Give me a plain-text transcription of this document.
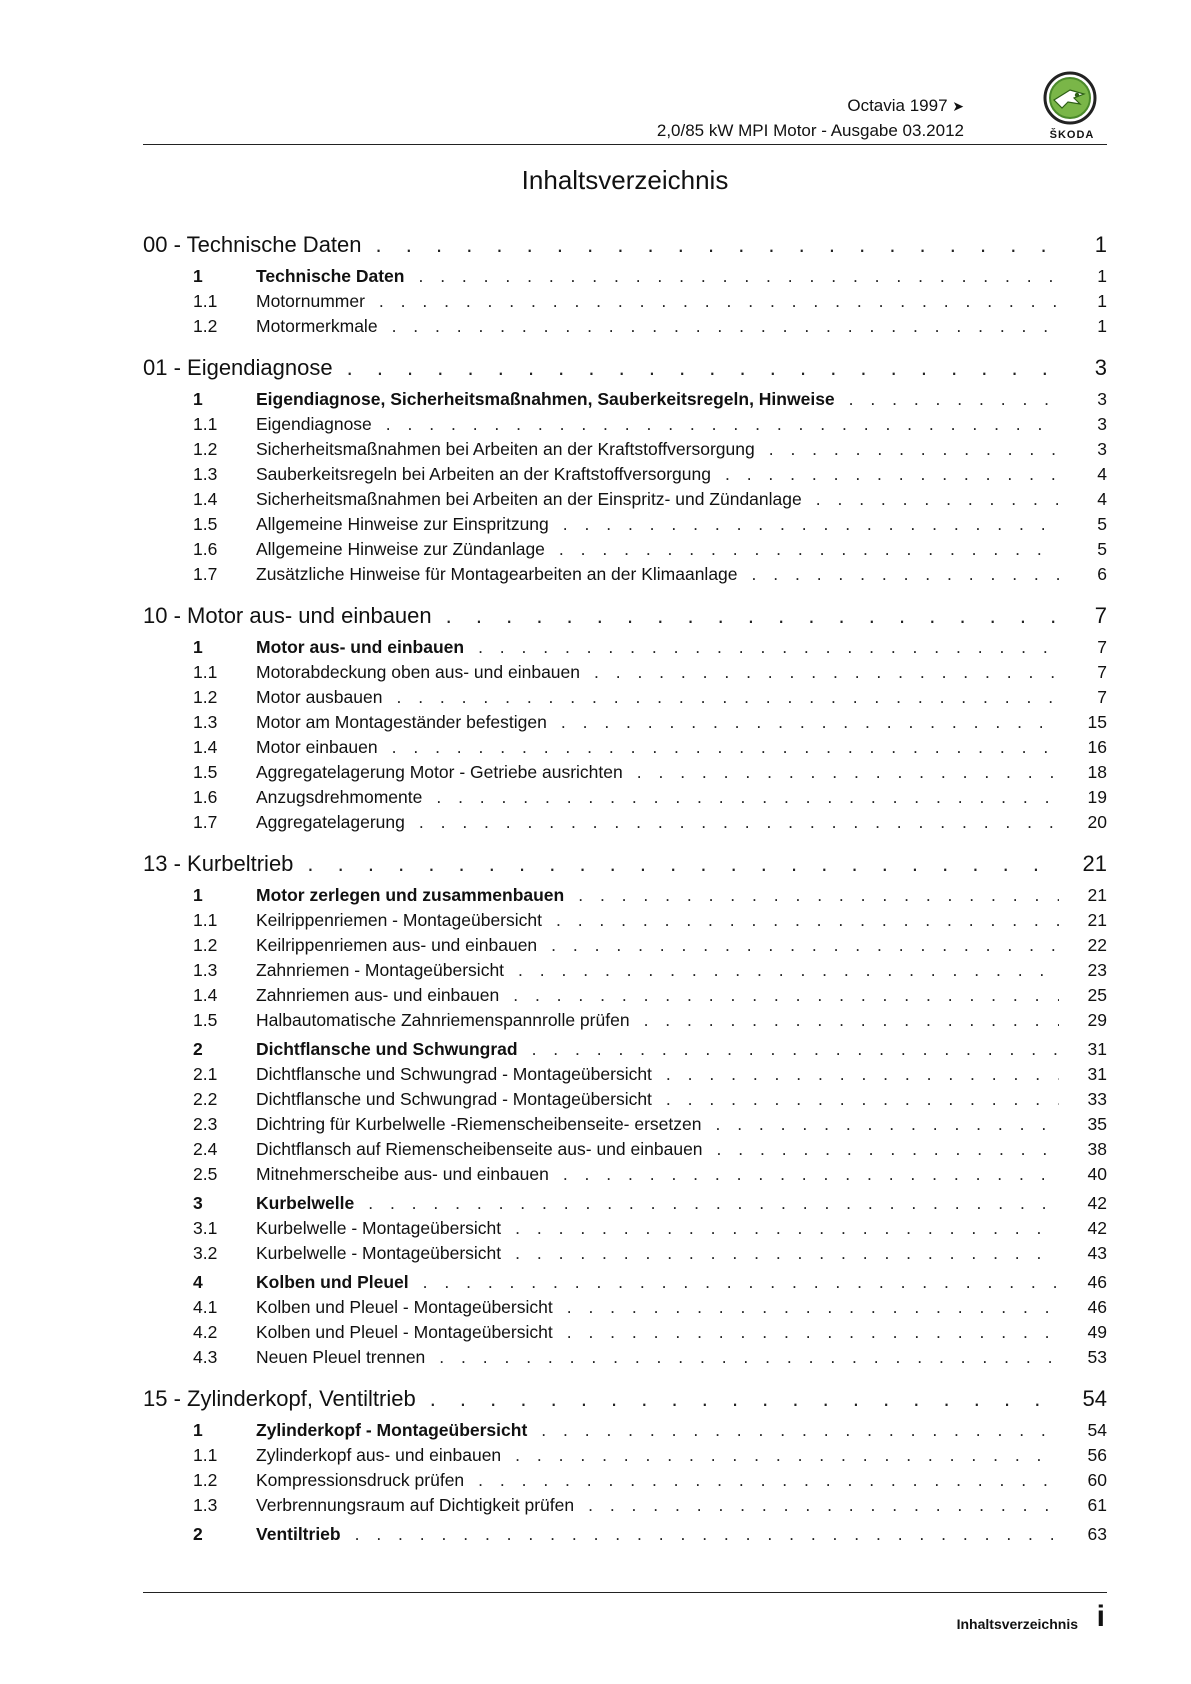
Octavia 1997 ➤
2,0/85 kW MPI Motor - Ausgabe 03.2012	ŠKODA
Inhaltsverzeichnis
00 - Technische Daten . . .	1
1	Technische Daten . . .	1
1.1	Motornummer . . .	1
1.2	Motormerkmale . . .	1
01 - Eigendiagnose . . .	3
1	Eigendiagnose, Sicherheitsmaßnahmen, Sauberkeitsregeln, Hinweise . . .	3
1.1	Eigendiagnose . . .	3
1.2	Sicherheitsmaßnahmen bei Arbeiten an der Kraftstoffversorgung . . .	3
1.3	Sauberkeitsregeln bei Arbeiten an der Kraftstoffversorgung . . .	4
1.4	Sicherheitsmaßnahmen bei Arbeiten an der Einspritz- und Zündanlage . . .	4
1.5	Allgemeine Hinweise zur Einspritzung . . .	5
1.6	Allgemeine Hinweise zur Zündanlage . . .	5
1.7	Zusätzliche Hinweise für Montagearbeiten an der Klimaanlage . . .	6
10 - Motor aus- und einbauen . . .	7
1	Motor aus- und einbauen . . .	7
1.1	Motorabdeckung oben aus- und einbauen . . .	7
1.2	Motor ausbauen . . .	7
1.3	Motor am Montageständer befestigen . . .	15
1.4	Motor einbauen . . .	16
1.5	Aggregatelagerung Motor - Getriebe ausrichten . . .	18
1.6	Anzugsdrehmomente . . .	19
1.7	Aggregatelagerung . . .	20
13 - Kurbeltrieb . . .	21
1	Motor zerlegen und zusammenbauen . . .	21
1.1	Keilrippenriemen - Montageübersicht . . .	21
1.2	Keilrippenriemen aus- und einbauen . . .	22
1.3	Zahnriemen - Montageübersicht . . .	23
1.4	Zahnriemen aus- und einbauen . . .	25
1.5	Halbautomatische Zahnriemenspannrolle prüfen . . .	29
2	Dichtflansche und Schwungrad . . .	31
2.1	Dichtflansche und Schwungrad - Montageübersicht . . .	31
2.2	Dichtflansche und Schwungrad - Montageübersicht . . .	33
2.3	Dichtring für Kurbelwelle -Riemenscheibenseite- ersetzen . . .	35
2.4	Dichtflansch auf Riemenscheibenseite aus- und einbauen . . .	38
2.5	Mitnehmerscheibe aus- und einbauen . . .	40
3	Kurbelwelle . . .	42
3.1	Kurbelwelle - Montageübersicht . . .	42
3.2	Kurbelwelle - Montageübersicht . . .	43
4	Kolben und Pleuel . . .	46
4.1	Kolben und Pleuel - Montageübersicht . . .	46
4.2	Kolben und Pleuel - Montageübersicht . . .	49
4.3	Neuen Pleuel trennen . . .	53
15 - Zylinderkopf, Ventiltrieb . . .	54
1	Zylinderkopf - Montageübersicht . . .	54
1.1	Zylinderkopf aus- und einbauen . . .	56
1.2	Kompressionsdruck prüfen . . .	60
1.3	Verbrennungsraum auf Dichtigkeit prüfen . . .	61
2	Ventiltrieb . . .	63
Inhaltsverzeichnis i
